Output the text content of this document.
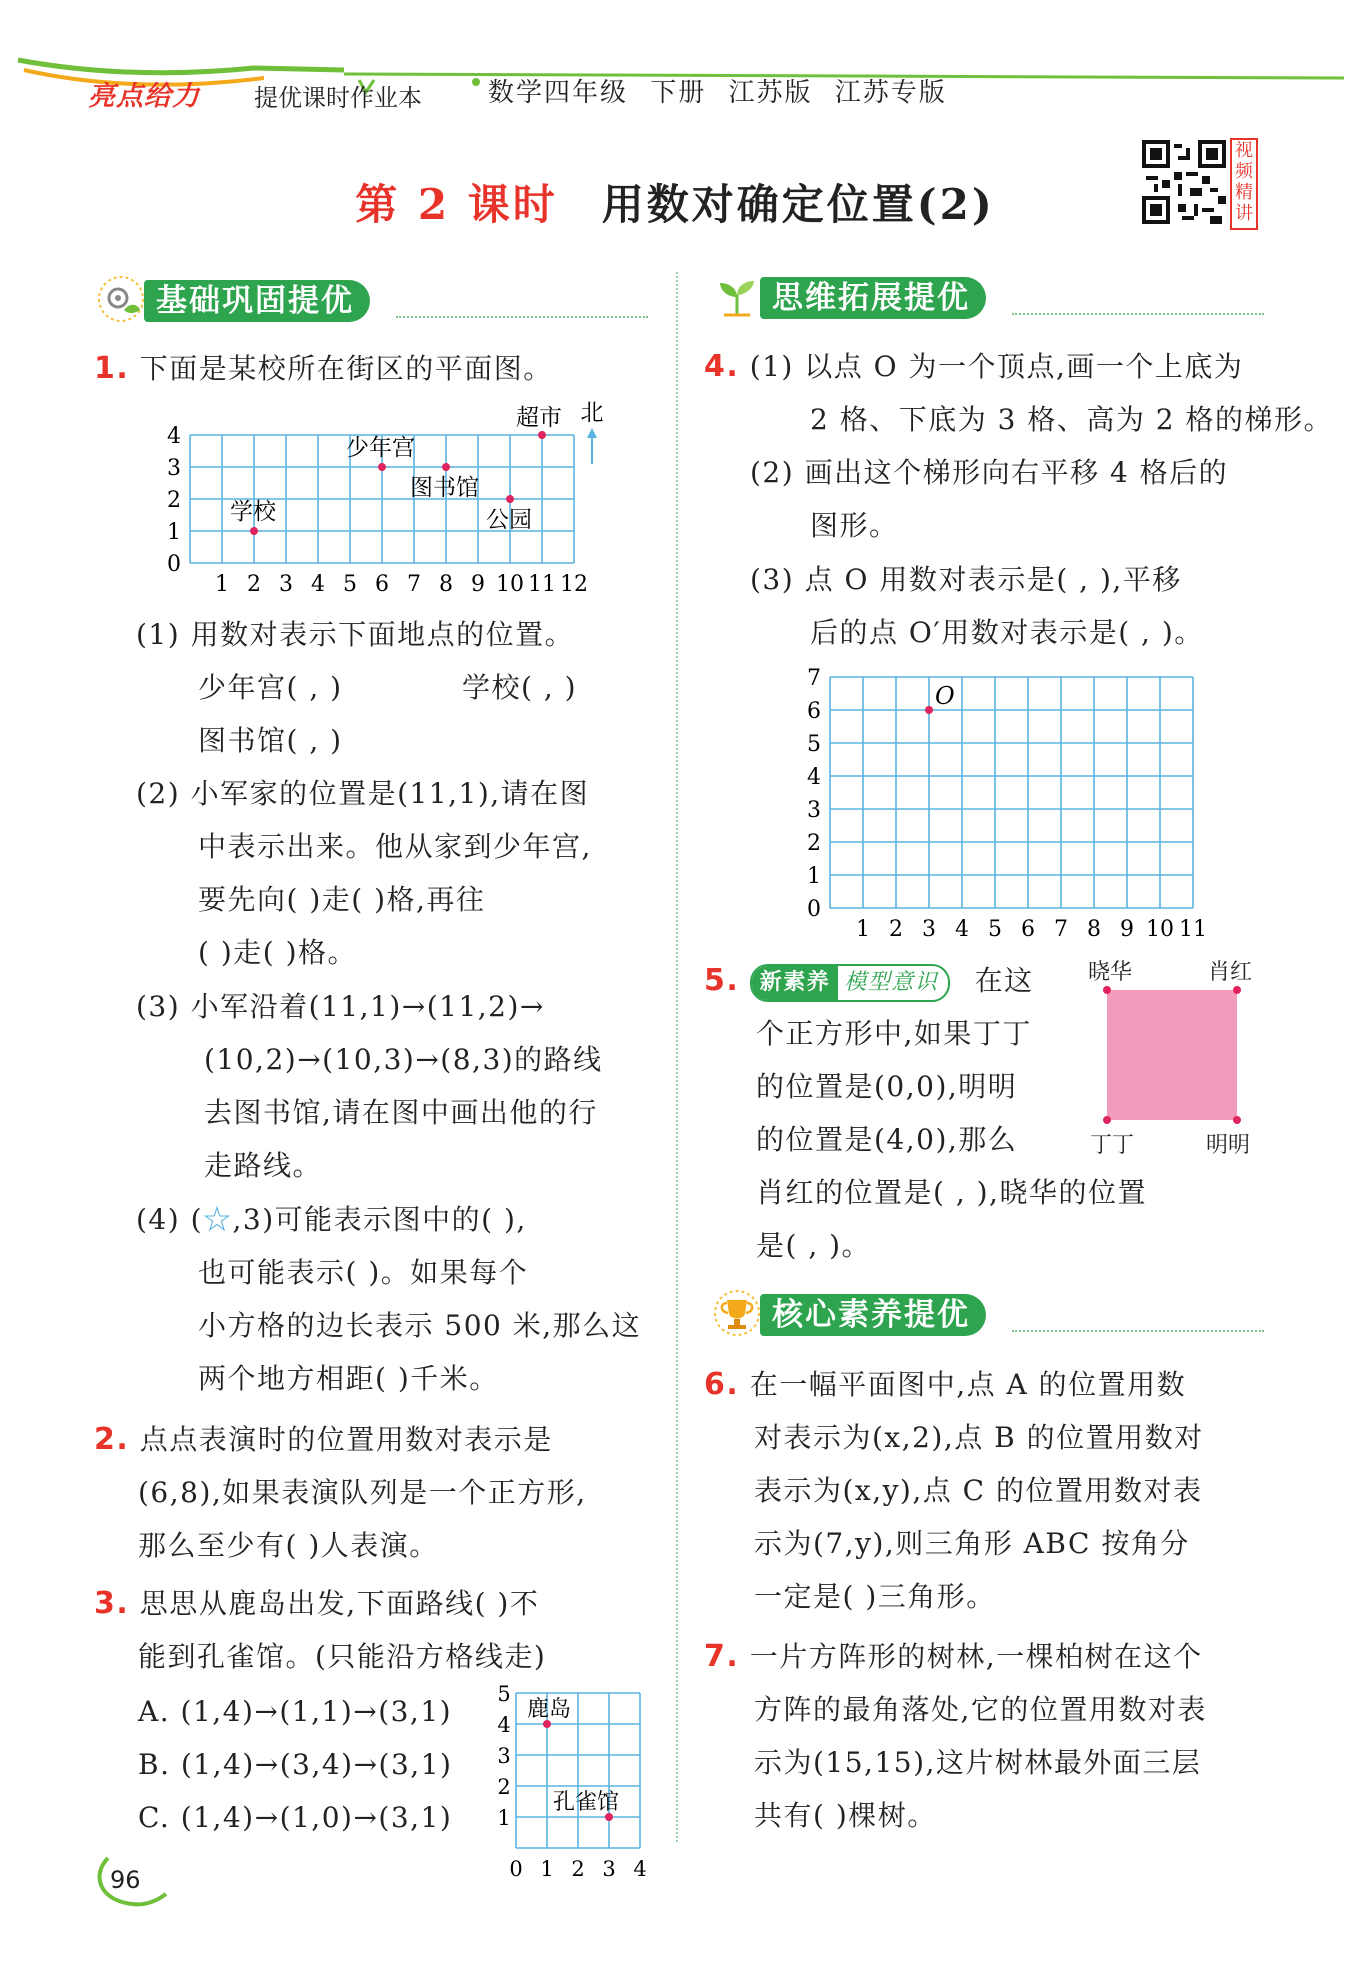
亮点给力 提优课时作业本	数学四年级 下册 江苏版 江苏专版
视频精讲
第 2 课时 用数对确定位置(2)
基础巩固提优
1. 下面是某校所在街区的平面图。
1 2 3 4 5 6 7 8 9 10 11 12
0
1
2
3
4
学校
少年宫
图书馆
公园
超市 北
(1) 用数对表示下面地点的位置。
少年宫( , )	学校( , )
图书馆( , )
(2) 小军家的位置是(11,1),请在图
中表示出来。他从家到少年宫,
要先向( )走( )格,再往
( )走( )格。
(3) 小军沿着(11,1)→(11,2)→
(10,2)→(10,3)→(8,3)的路线
去图书馆,请在图中画出他的行
走路线。
(4) (☆,3)可能表示图中的( ),
也可能表示( )。如果每个
小方格的边长表示 500 米,那么这
两个地方相距( )千米。
2. 点点表演时的位置用数对表示是
(6,8),如果表演队列是一个正方形,
那么至少有( )人表演。
3. 思思从鹿岛出发,下面路线( )不
能到孔雀馆。(只能沿方格线走)
A. (1,4)→(1,1)→(3,1)
B. (1,4)→(3,4)→(3,1)
C. (1,4)→(1,0)→(3,1)
0 1 2 3 4
1
2
3
4
5
鹿岛
孔雀馆
思维拓展提优
4. (1) 以点 O 为一个顶点,画一个上底为
2 格、下底为 3 格、高为 2 格的梯形。
(2) 画出这个梯形向右平移 4 格后的
图形。
(3) 点 O 用数对表示是( , ),平移
后的点 O′用数对表示是( , )。
1 2 3 4 5 6 7 8 9 10 11
0
1
2
3
4
5
6
7
O
5. 新素养 模型意识 在这
个正方形中,如果丁丁
的位置是(0,0),明明
的位置是(4,0),那么
肖红的位置是( , ),晓华的位置
是( , )。
晓华	肖红
丁丁	明明
核心素养提优
6. 在一幅平面图中,点 A 的位置用数
对表示为(x,2),点 B 的位置用数对
表示为(x,y),点 C 的位置用数对表
示为(7,y),则三角形 ABC 按角分
一定是( )三角形。
7. 一片方阵形的树林,一棵柏树在这个
方阵的最角落处,它的位置用数对表
示为(15,15),这片树林最外面三层
共有( )棵树。
96
